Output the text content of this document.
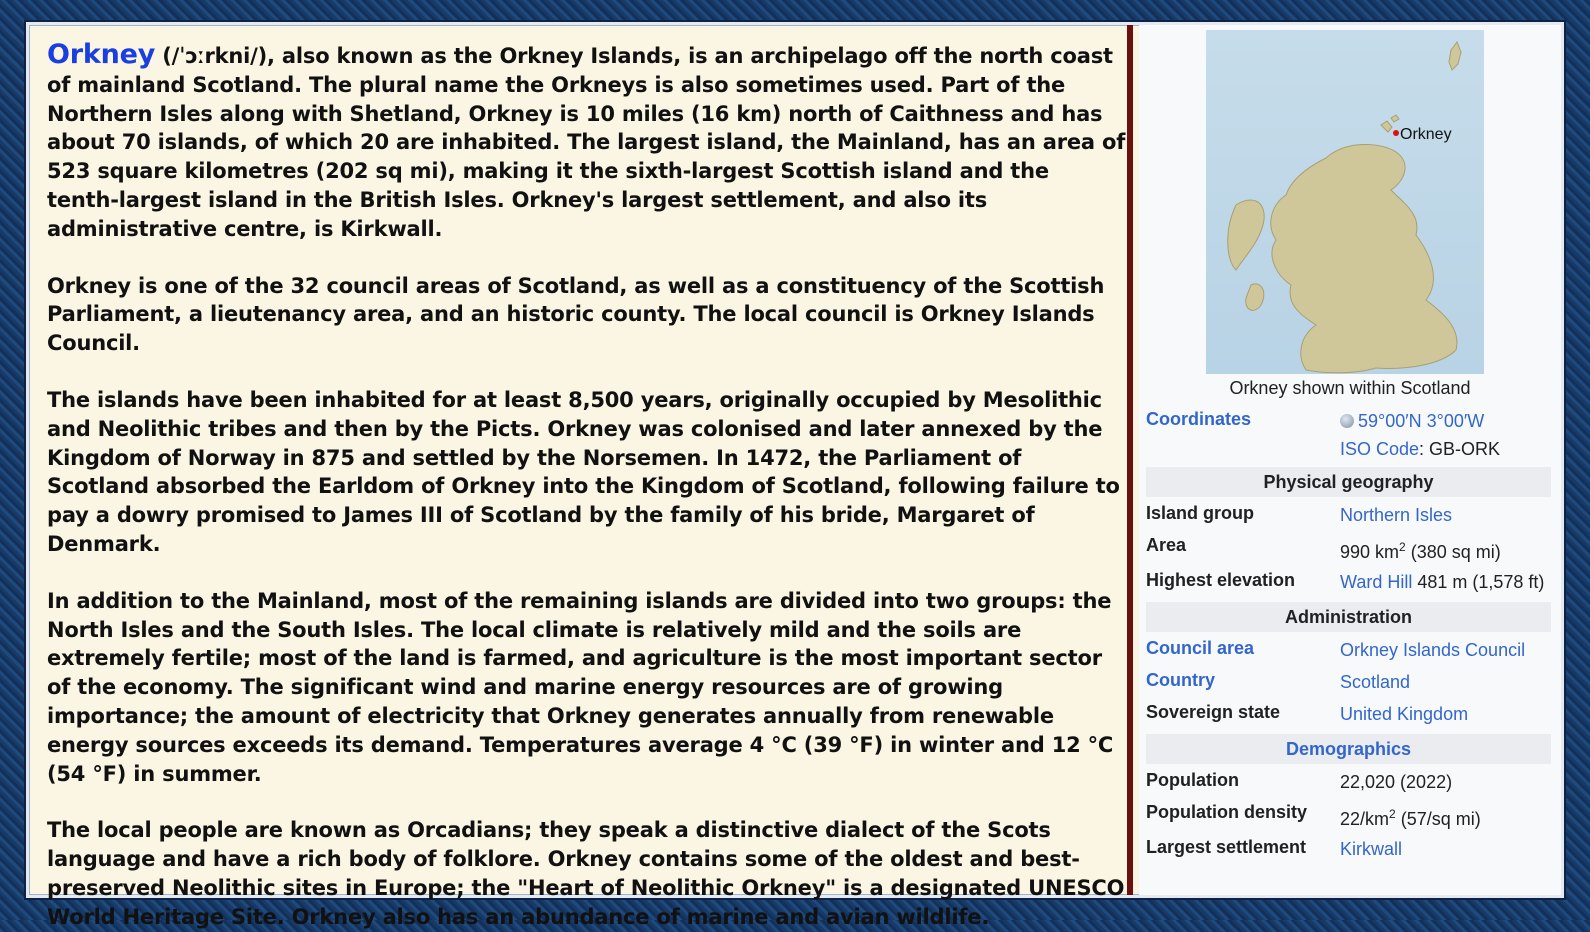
Orkney (/ˈɔːrkni/), also known as the Orkney Islands, is an archipelago off the north coast of mainland Scotland. The plural name the Orkneys is also sometimes used. Part of the Northern Isles along with Shetland, Orkney is 10 miles (16 km) north of Caithness and has about 70 islands, of which 20 are inhabited. The largest island, the Mainland, has an area of 523 square kilometres (202 sq mi), making it the sixth-largest Scottish island and the tenth-largest island in the British Isles. Orkney's largest settlement, and also its administrative centre, is Kirkwall.

Orkney is one of the 32 council areas of Scotland, as well as a constituency of the Scottish Parliament, a lieutenancy area, and an historic county. The local council is Orkney Islands Council.

The islands have been inhabited for at least 8,500 years, originally occupied by Mesolithic and Neolithic tribes and then by the Picts. Orkney was colonised and later annexed by the Kingdom of Norway in 875 and settled by the Norsemen. In 1472, the Parliament of Scotland absorbed the Earldom of Orkney into the Kingdom of Scotland, following failure to pay a dowry promised to James III of Scotland by the family of his bride, Margaret of Denmark.

In addition to the Mainland, most of the remaining islands are divided into two groups: the North Isles and the South Isles. The local climate is relatively mild and the soils are extremely fertile; most of the land is farmed, and agriculture is the most important sector of the economy. The significant wind and marine energy resources are of growing importance; the amount of electricity that Orkney generates annually from renewable energy sources exceeds its demand. Temperatures average 4 °C (39 °F) in winter and 12 °C (54 °F) in summer.

The local people are known as Orcadians; they speak a distinctive dialect of the Scots language and have a rich body of folklore. Orkney contains some of the oldest and best-preserved Neolithic sites in Europe; the "Heart of Neolithic Orkney" is a designated UNESCO World Heritage Site. Orkney also has an abundance of marine and avian wildlife.

Orkney
Orkney shown within Scotland
Coordinates	59°00′N 3°00′W
ISO Code: GB-ORK
Physical geography
Island group	Northern Isles
Area	990 $km^2$ (380 sq mi)
Highest elevation	Ward Hill 481 m (1,578 ft)
Administration
Council area	Orkney Islands Council
Country	Scotland
Sovereign state	United Kingdom
Demographics
Population	22,020 (2022)
Population density	$22/km^2$ (57/sq mi)
Largest settlement	Kirkwall
